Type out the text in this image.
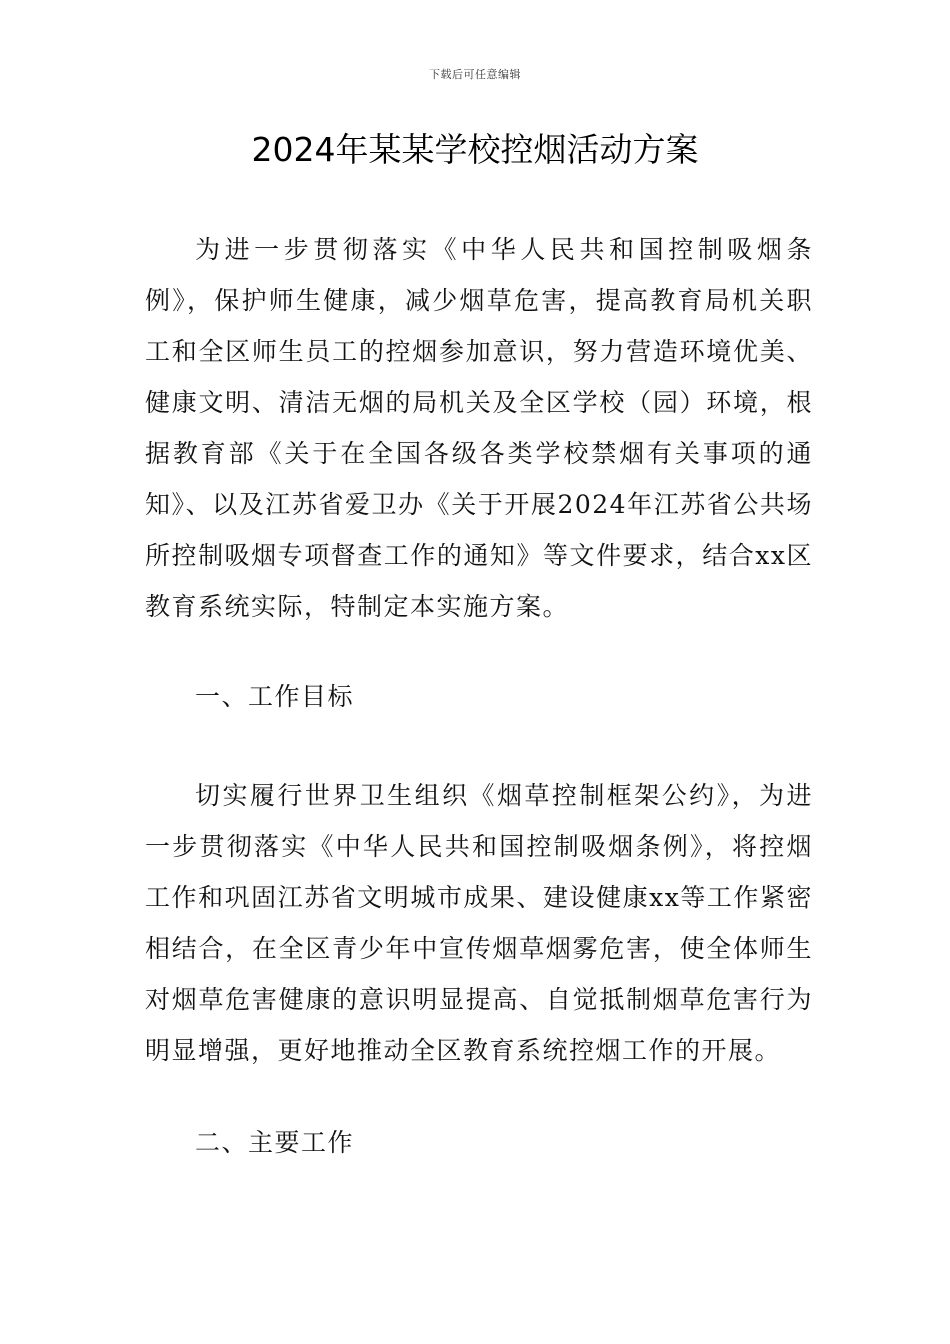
下载后可任意编辑
2024年某某学校控烟活动方案

为进一步贯彻落实《中华人民共和国控制吸烟条例》，保护师生健康，减少烟草危害，提高教育局机关职工和全区师生员工的控烟参加意识，努力营造环境优美、健康文明、清洁无烟的局机关及全区学校（园）环境，根据教育部《关于在全国各级各类学校禁烟有关事项的通知》、以及江苏省爱卫办《关于开展2024年江苏省公共场所控制吸烟专项督查工作的通知》等文件要求，结合xx区教育系统实际，特制定本实施方案。

一、工作目标

切实履行世界卫生组织《烟草控制框架公约》，为进一步贯彻落实《中华人民共和国控制吸烟条例》，将控烟工作和巩固江苏省文明城市成果、建设健康xx等工作紧密相结合，在全区青少年中宣传烟草烟雾危害，使全体师生对烟草危害健康的意识明显提高、自觉抵制烟草危害行为明显增强，更好地推动全区教育系统控烟工作的开展。

二、主要工作
